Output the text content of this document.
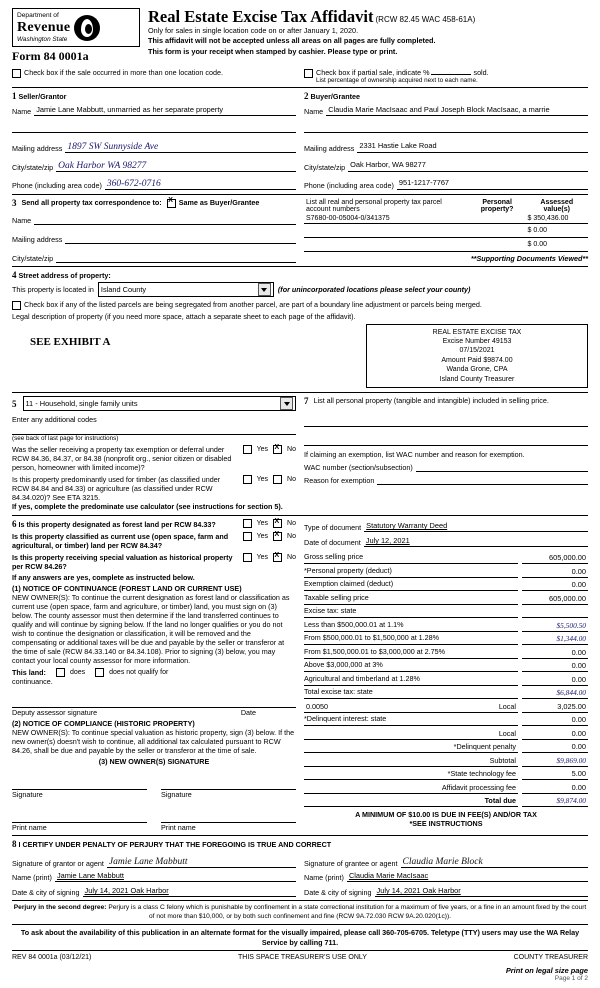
Department of
Revenue
Washington State
Form 84 0001a
Real Estate Excise Tax Affidavit (RCW 82.45 WAC 458-61A)

Only for sales in single location code on or after January 1, 2020.

This affidavit will not be accepted unless all areas on all pages are fully completed.

This form is your receipt when stamped by cashier. Please type or print.

Check box if the sale occurred in more than one location code.	Check box if partial sale, indicate %	sold.
List percentage of ownership acquired next to each name.
1 Seller/Grantor
Name Jamie Lane Mabbutt, unmarried as her separate property
Mailing address 1897 SW Sunnyside Ave
City/state/zip Oak Harbor WA 98277
Phone (including area code) 360-672-0716
2 Buyer/Grantee
Name Claudia Marie MacIsaac and Paul Joseph Block MacIsaac, a marrie
Mailing address 2331 Hastie Lake Road
City/state/zip Oak Harbor, WA 98277
Phone (including area code) 951-1217-7767
3 Send all property tax correspondence to: X Same as Buyer/Grantee
Name
Mailing address
City/state/zip
List all real and personal property tax parcel account numbers	Personal property?	Assessed value(s)
S7680-00-05004-0/341375		$ 350,436.00
		$ 0.00
		$ 0.00
**Supporting Documents Viewed**
4 Street address of property:
This property is located in Island County	(for unincorporated locations please select your county)
Check box if any of the listed parcels are being segregated from another parcel, are part of a boundary line adjustment or parcels being merged.
Legal description of property (if you need more space, attach a separate sheet to each page of the affidavit).
SEE EXHIBIT A
REAL ESTATE EXCISE TAX
Excise Number 49153
07/15/2021
Amount Paid $9874.00
Wanda Grone, CPA
Island County Treasurer
5 11 - Household, single family units
Enter any additional codes
(see back of last page for instructions)
Was the seller receiving a property tax exemption or deferral under RCW 84.36, 84.37, or 84.38 (nonprofit org., senior citizen or disabled person, homeowner with limited income)?
Yes X	No
Is this property predominantly used for timber (as classified under RCW 84.84 and 84.33) or agriculture (as classified under RCW 84.34.020)? See ETA 3215.
Yes	No
If yes, complete the predominate use calculator (see instructions for section 5).
7 List all personal property (tangible and intangible) included in selling price.
If claiming an exemption, list WAC number and reason for exemption.
WAC number (section/subsection)
Reason for exemption
6 Is this property designated as forest land per RCW 84.33?	Yes X	No
Is this property classified as current use (open space, farm and agricultural, or timber) land per RCW 84.34?
Yes X	No
Is this property receiving special valuation as historical property per RCW 84.26?
Yes X	No
If any answers are yes, complete as instructed below.
(1) NOTICE OF CONTINUANCE (FOREST LAND OR CURRENT USE)
NEW OWNER(S): To continue the current designation as forest land or classification as current use (open space, farm and agriculture, or timber) land, you must sign on (3) below. The county assessor must then determine if the land transferred continues to qualify and will continue by signing below. If the land no longer qualifies or you do not wish to continue the designation or classification, it will be removed and the compensating or additional taxes will be due and payable by the seller or transferor at the time of sale (RCW 84.33.140 or 84.34.108). Prior to signing (3) below, you may contact your local county assessor for more information.
This land:	does	does not qualify for
continuance.
Deputy assessor signature	Date
(2) NOTICE OF COMPLIANCE (HISTORIC PROPERTY)
NEW OWNER(S): To continue special valuation as historic property, sign (3) below. If the new owner(s) doesn't wish to continue, all additional tax calculated pursuant to RCW 84.26, shall be due and payable by the seller or transferor at the time of sale.
(3) NEW OWNER(S) SIGNATURE
Signature	Signature
Print name	Print name
Type of document Statutory Warranty Deed
Date of document July 12, 2021
Gross selling price	605,000.00
*Personal property (deduct)	0.00
Exemption claimed (deduct)	0.00
Taxable selling price	605,000.00
Excise tax: state
Less than $500,000.01 at 1.1%	$5,500.50
From $500,000.01 to $1,500,000 at 1.28%	$1,344.00
From $1,500,000.01 to $3,000,000 at 2.75%	0.00
Above $3,000,000 at 3%	0.00
Agricultural and timberland at 1.28%	0.00
Total excise tax: state	$6,844.00
0.0050	Local	3,025.00
*Delinquent interest: state	0.00
Local	0.00
*Delinquent penalty	0.00
Subtotal	$9,869.00
*State technology fee	5.00
Affidavit processing fee	0.00
Total due	$9,874.00
A MINIMUM OF $10.00 IS DUE IN FEE(S) AND/OR TAX
*SEE INSTRUCTIONS
8 I CERTIFY UNDER PENALTY OF PERJURY THAT THE FOREGOING IS TRUE AND CORRECT
Signature of grantor or agent Jamie Lane Mabbutt
Name (print) Jamie Lane Mabbutt
Date & city of signing July 14, 2021 Oak Harbor
Signature of grantee or agent Claudia Marie Block
Name (print) Claudia Marie MacIsaac
Date & city of signing July 14, 2021 Oak Harbor
Perjury in the second degree: Perjury is a class C felony which is punishable by confinement in a state correctional institution for a maximum of five years, or a fine in an amount fixed by the court of not more than $10,000, or by both such confinement and fine (RCW 9A.72.030 RCW 9A.20.020(1c)).
To ask about the availability of this publication in an alternate format for the visually impaired, please call 360-705-6705. Teletype (TTY) users may use the WA Relay Service by calling 711.
REV 84 0001a (03/12/21)	THIS SPACE TREASURER'S USE ONLY	COUNTY TREASURER
Print on legal size page
Page 1 of 2
